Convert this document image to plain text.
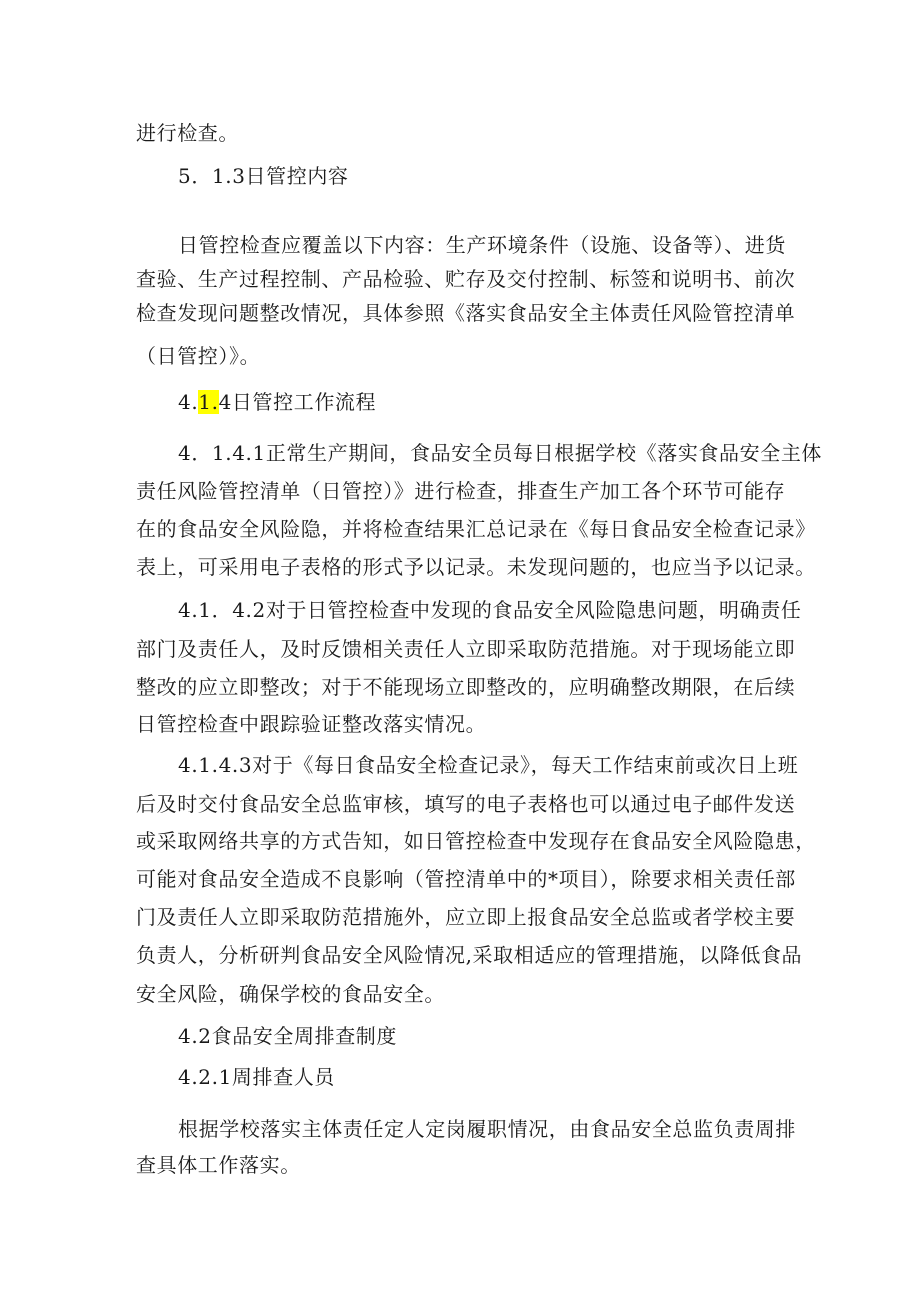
进行检查。
5．1.3日管控内容
日管控检查应覆盖以下内容：生产环境条件（设施、设备等）、进货
查验、生产过程控制、产品检验、贮存及交付控制、标签和说明书、前次
检查发现问题整改情况，具体参照《落实食品安全主体责任风险管控清单
（日管控）》。
4.1.4日管控工作流程
4．1.4.1正常生产期间，食品安全员每日根据学校《落实食品安全主体
责任风险管控清单（日管控）》进行检查，排查生产加工各个环节可能存
在的食品安全风险隐，并将检查结果汇总记录在《每日食品安全检查记录》
表上，可采用电子表格的形式予以记录。未发现问题的，也应当予以记录。
4.1．4.2对于日管控检查中发现的食品安全风险隐患问题，明确责任
部门及责任人，及时反馈相关责任人立即采取防范措施。对于现场能立即
整改的应立即整改；对于不能现场立即整改的，应明确整改期限，在后续
日管控检查中跟踪验证整改落实情况。
4.1.4.3对于《每日食品安全检查记录》，每天工作结束前或次日上班
后及时交付食品安全总监审核，填写的电子表格也可以通过电子邮件发送
或采取网络共享的方式告知，如日管控检查中发现存在食品安全风险隐患，
可能对食品安全造成不良影响（管控清单中的*项目），除要求相关责任部
门及责任人立即采取防范措施外，应立即上报食品安全总监或者学校主要
负责人，分析研判食品安全风险情况,采取相适应的管理措施，以降低食品
安全风险，确保学校的食品安全。
4.2食品安全周排查制度
4.2.1周排查人员
根据学校落实主体责任定人定岗履职情况，由食品安全总监负责周排
查具体工作落实。
